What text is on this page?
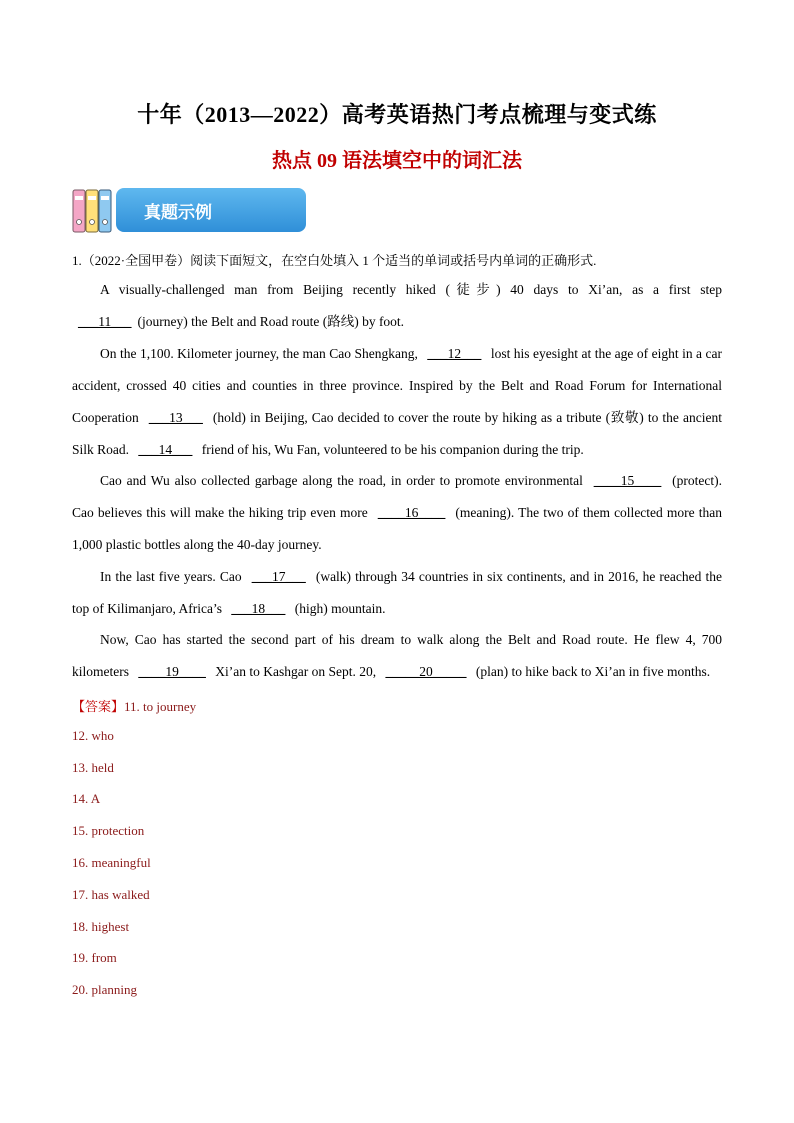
十年（2013—2022）高考英语热门考点梳理与变式练
热点 09 语法填空中的词汇法
真题示例
1.（2022·全国甲卷）阅读下面短文，在空白处填入 1 个适当的单词或括号内单词的正确形式.
A visually-challenged man from Beijing recently hiked (徒步) 40 days to Xi’an, as a first step ___11___ (journey) the Belt and Road route (路线) by foot.
On the 1,100. Kilometer journey, the man Cao Shengkang, ___12___ lost his eyesight at the age of eight in a car accident, crossed 40 cities and counties in three province. Inspired by the Belt and Road Forum for International Cooperation ___13___ (hold) in Beijing, Cao decided to cover the route by hiking as a tribute (致敬) to the ancient Silk Road. ___14___ friend of his, Wu Fan, volunteered to be his companion during the trip.
Cao and Wu also collected garbage along the road, in order to promote environmental ____15____ (protect). Cao believes this will make the hiking trip even more ____16____ (meaning). The two of them collected more than 1,000 plastic bottles along the 40-day journey.
In the last five years. Cao ___17___ (walk) through 34 countries in six continents, and in 2016, he reached the top of Kilimanjaro, Africa’s ___18___ (high) mountain.
Now, Cao has started the second part of his dream to walk along the Belt and Road route. He flew 4, 700 kilometers ____19____ Xi’an to Kashgar on Sept. 20, _____20_____ (plan) to hike back to Xi’an in five months.
【答案】11. to journey
12. who
13. held
14. A
15. protection
16. meaningful
17. has walked
18. highest
19. from
20. planning
